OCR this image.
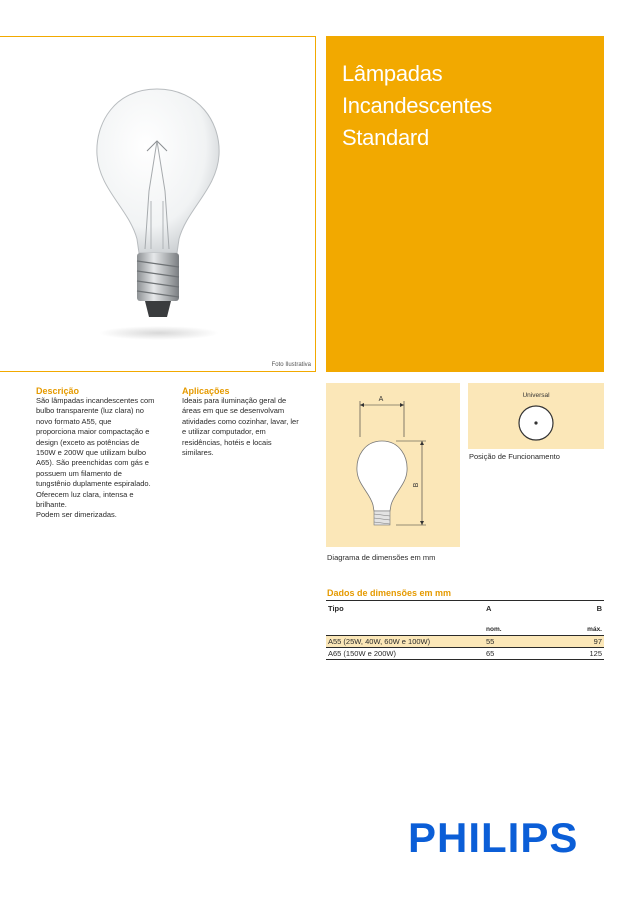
Foto Ilustrativa
Lâmpadas
Incandescentes
Standard
Descrição
São lâmpadas incandescentes com
bulbo transparente (luz clara) no
novo formato A55, que
proporciona maior compactação e
design (exceto as potências de
150W e 200W que utilizam bulbo
A65). São preenchidas com gás e
possuem um filamento de
tungstênio duplamente espiralado.
Oferecem luz clara, intensa e
brilhante.
Podem ser dimerizadas.
Aplicações
Ideais para iluminação geral de
áreas em que se desenvolvam
atividades como cozinhar, lavar, ler
e utilizar computador, em
residências, hotéis e locais
similares.
A
B
Diagrama de dimensões em mm
Universal
Posição de Funcionamento
Dados de dimensões em mm
Tipo	A	B
	nom.	máx.
A55 (25W, 40W, 60W e 100W)	55	97
A65 (150W e 200W)	65	125
PHILIPS
